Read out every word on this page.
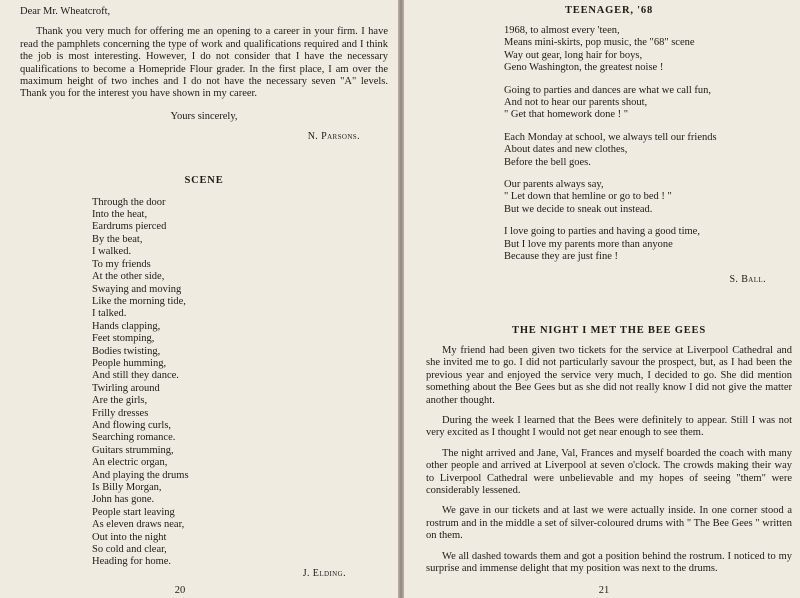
Dear Mr. Wheatcroft,

Thank you very much for offering me an opening to a career in your firm. I have read the pamphlets concerning the type of work and qualifications required and I think the job is most interesting. However, I do not consider that I have the necessary qualifications to become a Homepride Flour grader. In the first place, I am over the maximum height of two inches and I do not have the necessary seven "A" levels. Thank you for the interest you have shown in my career.

Yours sincerely,
N. Parsons.
SCENE
Through the door
Into the heat,
Eardrums pierced
By the beat,
I walked.
To my friends
At the other side,
Swaying and moving
Like the morning tide,
I talked.
Hands clapping,
Feet stomping,
Bodies twisting,
People humming,
And still they dance.
Twirling around
Are the girls,
Frilly dresses
And flowing curls,
Searching romance.
Guitars strumming,
An electric organ,
And playing the drums
Is Billy Morgan,
John has gone.
People start leaving
As eleven draws near,
Out into the night
So cold and clear,
Heading for home.
J. Elding.
20
TEENAGER, '68
1968, to almost every 'teen,
Means mini-skirts, pop music, the "68" scene
Way out gear, long hair for boys,
Geno Washington, the greatest noise !
Going to parties and dances are what we call fun,
And not to hear our parents shout,
" Get that homework done ! "
Each Monday at school, we always tell our friends
About dates and new clothes,
Before the bell goes.
Our parents always say,
" Let down that hemline or go to bed ! "
But we decide to sneak out instead.
I love going to parties and having a good time,
But I love my parents more than anyone
Because they are just fine !
S. Ball.
THE NIGHT I MET THE BEE GEES

My friend had been given two tickets for the service at Liverpool Cathedral and she invited me to go. I did not particularly savour the prospect, but, as I had been the previous year and enjoyed the service very much, I decided to go. She did mention something about the Bee Gees but as she did not really know I did not give the matter another thought.

During the week I learned that the Bees were definitely to appear. Still I was not very excited as I thought I would not get near enough to see them.

The night arrived and Jane, Val, Frances and myself boarded the coach with many other people and arrived at Liverpool at seven o'clock. The crowds making their way to Liverpool Cathedral were unbelievable and my hopes of seeing "them" were considerably lessened.

We gave in our tickets and at last we were actually inside. In one corner stood a rostrum and in the middle a set of silver-coloured drums with " The Bee Gees " written on them.

We all dashed towards them and got a position behind the rostrum. I noticed to my surprise and immense delight that my position was next to the drums.

21
